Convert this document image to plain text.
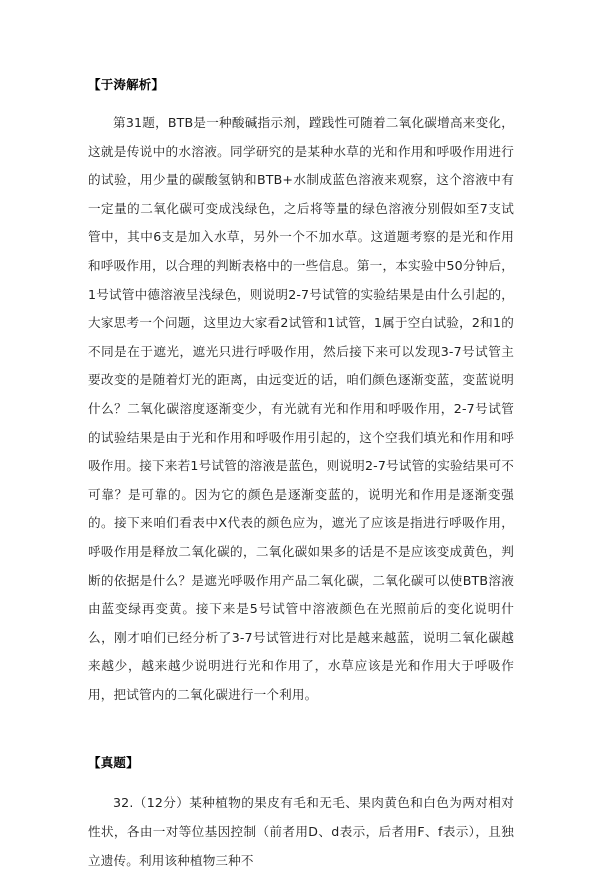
【于涛解析】
第31题，BTB是一种酸碱指示剂，蹚践性可随着二氧化碳增高来变化，这就是传说中的水溶液。同学研究的是某种水草的光和作用和呼吸作用进行的试验，用少量的碳酸氢钠和BTB+水制成蓝色溶液来观察，这个溶液中有一定量的二氧化碳可变成浅绿色，之后将等量的绿色溶液分别假如至7支试管中，其中6支是加入水草，另外一个不加水草。这道题考察的是光和作用和呼吸作用，以合理的判断表格中的一些信息。第一，本实验中50分钟后，1号试管中德溶液呈浅绿色，则说明2-7号试管的实验结果是由什么引起的，大家思考一个问题，这里边大家看2试管和1试管，1属于空白试验，2和1的不同是在于遮光，遮光只进行呼吸作用，然后接下来可以发现3-7号试管主要改变的是随着灯光的距离，由远变近的话，咱们颜色逐渐变蓝，变蓝说明什么？二氧化碳溶度逐渐变少，有光就有光和作用和呼吸作用，2-7号试管的试验结果是由于光和作用和呼吸作用引起的，这个空我们填光和作用和呼吸作用。接下来若1号试管的溶液是蓝色，则说明2-7号试管的实验结果可不可靠？是可靠的。因为它的颜色是逐渐变蓝的，说明光和作用是逐渐变强的。接下来咱们看表中X代表的颜色应为，遮光了应该是指进行呼吸作用，呼吸作用是释放二氧化碳的，二氧化碳如果多的话是不是应该变成黄色，判断的依据是什么？是遮光呼吸作用产品二氧化碳，二氧化碳可以使BTB溶液由蓝变绿再变黄。接下来是5号试管中溶液颜色在光照前后的变化说明什么，刚才咱们已经分析了3-7号试管进行对比是越来越蓝，说明二氧化碳越来越少，越来越少说明进行光和作用了，水草应该是光和作用大于呼吸作用，把试管内的二氧化碳进行一个利用。
【真题】
32.（12分）某种植物的果皮有毛和无毛、果肉黄色和白色为两对相对性状，各由一对等位基因控制（前者用D、d表示，后者用F、f表示），且独立遗传。利用该种植物三种不
